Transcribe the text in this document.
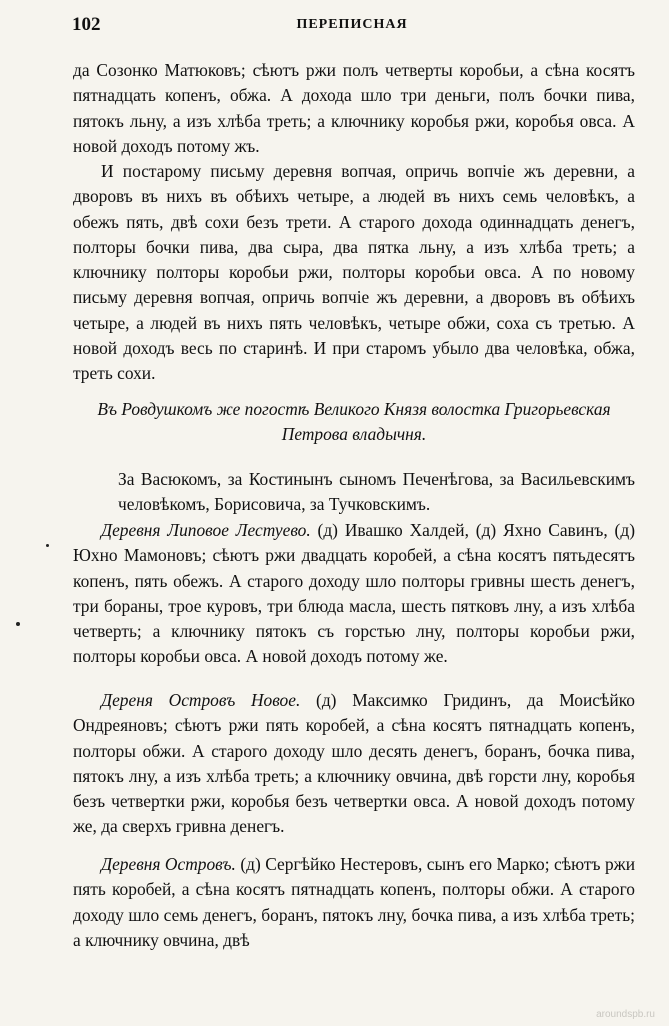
102	ПЕРЕПИСНАЯ

да Созонко Матюковъ; сѣютъ ржи полъ четверты коробьи, а сѣна косятъ пятнадцать копенъ, обжа. А дохода шло три деньги, полъ бочки пива, пятокъ льну, а изъ хлѣба треть; а ключнику коробья ржи, коробья овса. А новой доходъ потому жъ.

И постарому письму деревня вопчая, опричь вопчіе жъ деревни, а дворовъ въ нихъ въ обѣихъ четыре, а людей въ нихъ семь человѣкъ, а обежъ пять, двѣ сохи безъ трети. А старого дохода одиннадцать денегъ, полторы бочки пива, два сыра, два пятка льну, а изъ хлѣба треть; а ключнику полторы коробьи ржи, полторы коробьи овса. А по новому письму деревня вопчая, опричь вопчіе жъ деревни, а дворовъ въ обѣихъ четыре, а людей въ нихъ пять человѣкъ, четыре обжи, соха съ третью. А новой доходъ весь по старинѣ. И при старомъ убыло два человѣка, обжа, треть сохи.

Въ Ровдушкомъ же погостѣ Великого Князя волостка Григорьевская Петрова владычня.

За Васюкомъ, за Костинынъ сыномъ Печенѣгова, за Васильевскимъ человѣкомъ, Борисовича, за Тучковскимъ.

Деревня Липовое Лестуево. (д) Ивашко Халдей, (д) Яхно Савинъ, (д) Юхно Мамоновъ; сѣютъ ржи двадцать коробей, а сѣна косятъ пятьдесятъ копенъ, пять обежъ. А старого доходу шло полторы гривны шесть денегъ, три бораны, трое куровъ, три блюда масла, шесть пятковъ лну, а изъ хлѣба четверть; а ключнику пятокъ съ горстью лну, полторы коробьи ржи, полторы коробьи овса. А новой доходъ потому же.

Дереня Островъ Новое. (д) Максимко Гридинъ, да Моисѣйко Ондреяновъ; сѣютъ ржи пять коробей, а сѣна косятъ пятнадцать копенъ, полторы обжи. А старого доходу шло десять денегъ, боранъ, бочка пива, пятокъ лну, а изъ хлѣба треть; а ключнику овчина, двѣ горсти лну, коробья безъ четвертки ржи, коробья безъ четвертки овса. А новой доходъ потому же, да сверхъ гривна денегъ.

Деревня Островъ. (д) Сергѣйко Нестеровъ, сынъ его Марко; сѣютъ ржи пять коробей, а сѣна косятъ пятнадцать копенъ, полторы обжи. А старого доходу шло семь денегъ, боранъ, пятокъ лну, бочка пива, а изъ хлѣба треть; а ключнику овчина, двѣ

aroundspb.ru
